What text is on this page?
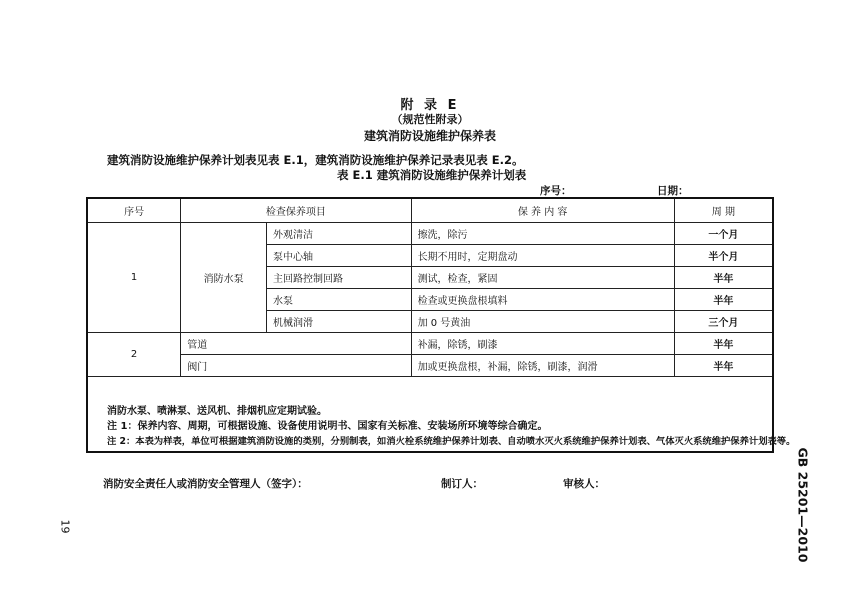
附 录 E
（规范性附录）
建筑消防设施维护保养表
建筑消防设施维护保养计划表见表 E.1，建筑消防设施维护保养记录表见表 E.2。
表 E.1 建筑消防设施维护保养计划表
序号：	日期：
序号	检查保养项目		保 养 内 容	周 期
1	消防水泵	外观清洁	擦洗，除污	一个月
		泵中心轴	长期不用时，定期盘动	半个月
		主回路控制回路	测试，检查，紧固	半年
		水泵	检查或更换盘根填料	半年
		机械润滑	加 0 号黄油	三个月
2	管道		补漏，除锈，刷漆	半年
	阀门		加或更换盘根，补漏，除锈，刷漆，润滑	半年

消防水泵、喷淋泵、送风机、排烟机应定期试验。
注 1：保养内容、周期，可根据设施、设备使用说明书、国家有关标准、安装场所环境等综合确定。
注 2：本表为样表，单位可根据建筑消防设施的类别，分别制表，如消火栓系统维护保养计划表、自动喷水灭火系统维护保养计划表、气体灭火系统维护保养计划表等。
消防安全责任人或消防安全管理人（签字）：	制订人：	审核人：
19	GB 25201—2010
